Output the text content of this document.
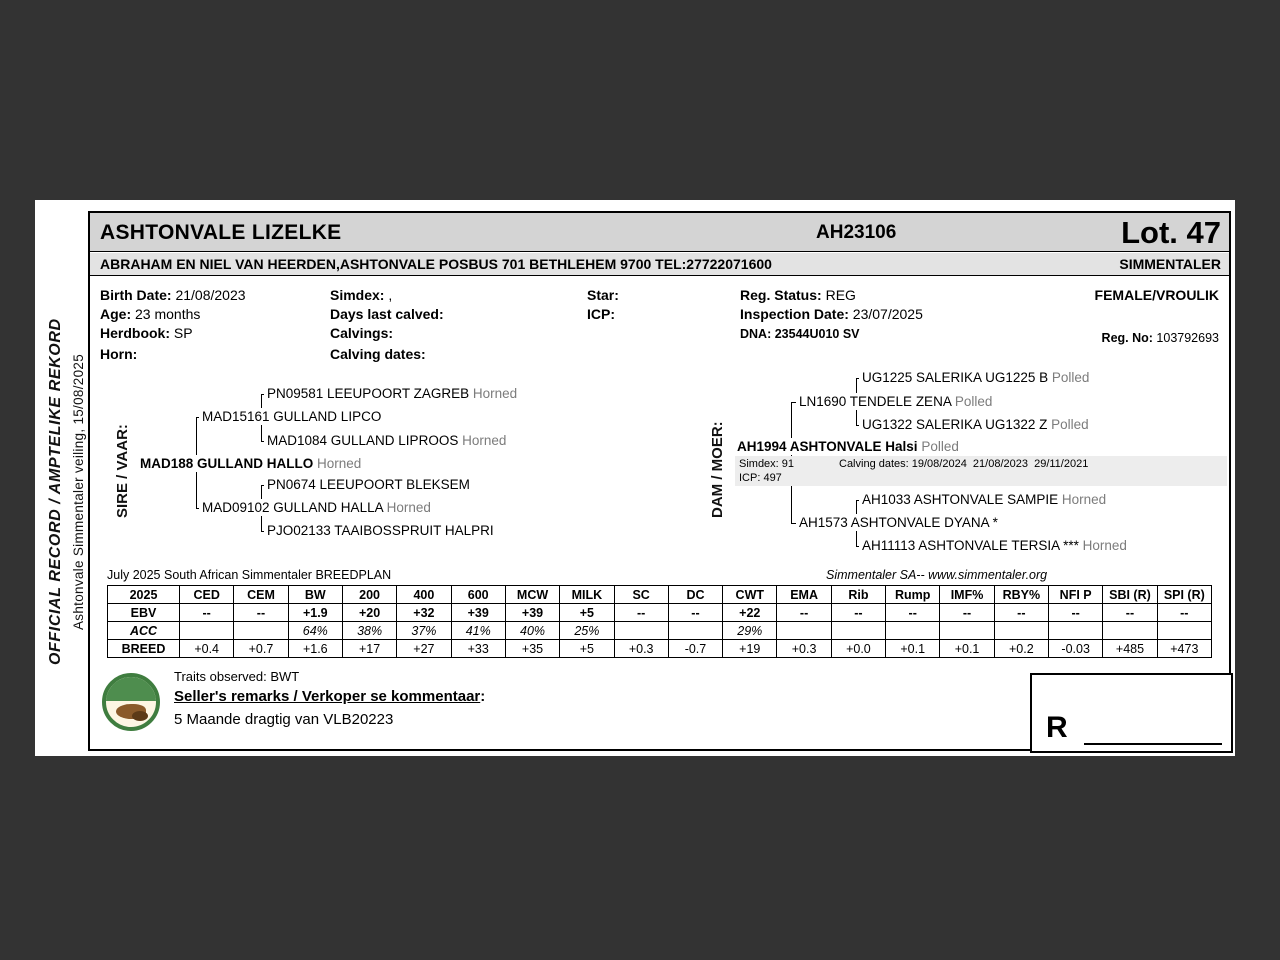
OFFICIAL RECORD / AMPTELIKE REKORD Ashtonvale Simmentaler veiling, 15/08/2025
ASHTONVALE LIZELKE	AH23106	Lot. 47
ABRAHAM EN NIEL VAN HEERDEN,ASHTONVALE POSBUS 701 BETHLEHEM 9700 TEL:27722071600	SIMMENTALER
Birth Date: 21/08/2023	Simdex: ,	Star:	Reg. Status: REG	FEMALE/VROULIK
Age: 23 months	Days last calved:	ICP:	Inspection Date: 23/07/2025
Herdbook: SP	Calvings:	DNA: 23544U010 SV	Reg. No: 103792693
Horn:	Calving dates:
SIRE / VAAR:	DAM / MOER: Simdex: 91	Calving dates: 19/08/2024  21/08/2023  29/11/2021
ICP: 497
PN09581 LEEUPOORT ZAGREB Horned
MAD15161 GULLAND LIPCO
MAD1084 GULLAND LIPROOS Horned
MAD188 GULLAND HALLO Horned
PN0674 LEEUPOORT BLEKSEM
MAD09102 GULLAND HALLA Horned
PJO02133 TAAIBOSSPRUIT HALPRI
UG1225 SALERIKA UG1225 B Polled
LN1690 TENDELE ZENA Polled
UG1322 SALERIKA UG1322 Z Polled
AH1994 ASHTONVALE Halsi Polled
AH1033 ASHTONVALE SAMPIE Horned
AH1573 ASHTONVALE DYANA *
AH11113 ASHTONVALE TERSIA *** Horned
July 2025 South African Simmentaler BREEDPLAN	Simmentaler SA-- www.simmentaler.org
2025	CED	CEM	BW	200	400	600	MCW	MILK	SC	DC	CWT	EMA	Rib	Rump	IMF%	RBY%	NFI P	SBI (R)	SPI (R)
EBV	--	--	+1.9	+20	+32	+39	+39	+5	--	--	+22	--	--	--	--	--	--	--	--
ACC			64%	38%	37%	41%	40%	25%			29%								
BREED	+0.4	+0.7	+1.6	+17	+27	+33	+35	+5	+0.3	-0.7	+19	+0.3	+0.0	+0.1	+0.1	+0.2	-0.03	+485	+473
Traits observed: BWT
Seller's remarks / Verkoper se kommentaar:
5 Maande dragtig van VLB20223	R
